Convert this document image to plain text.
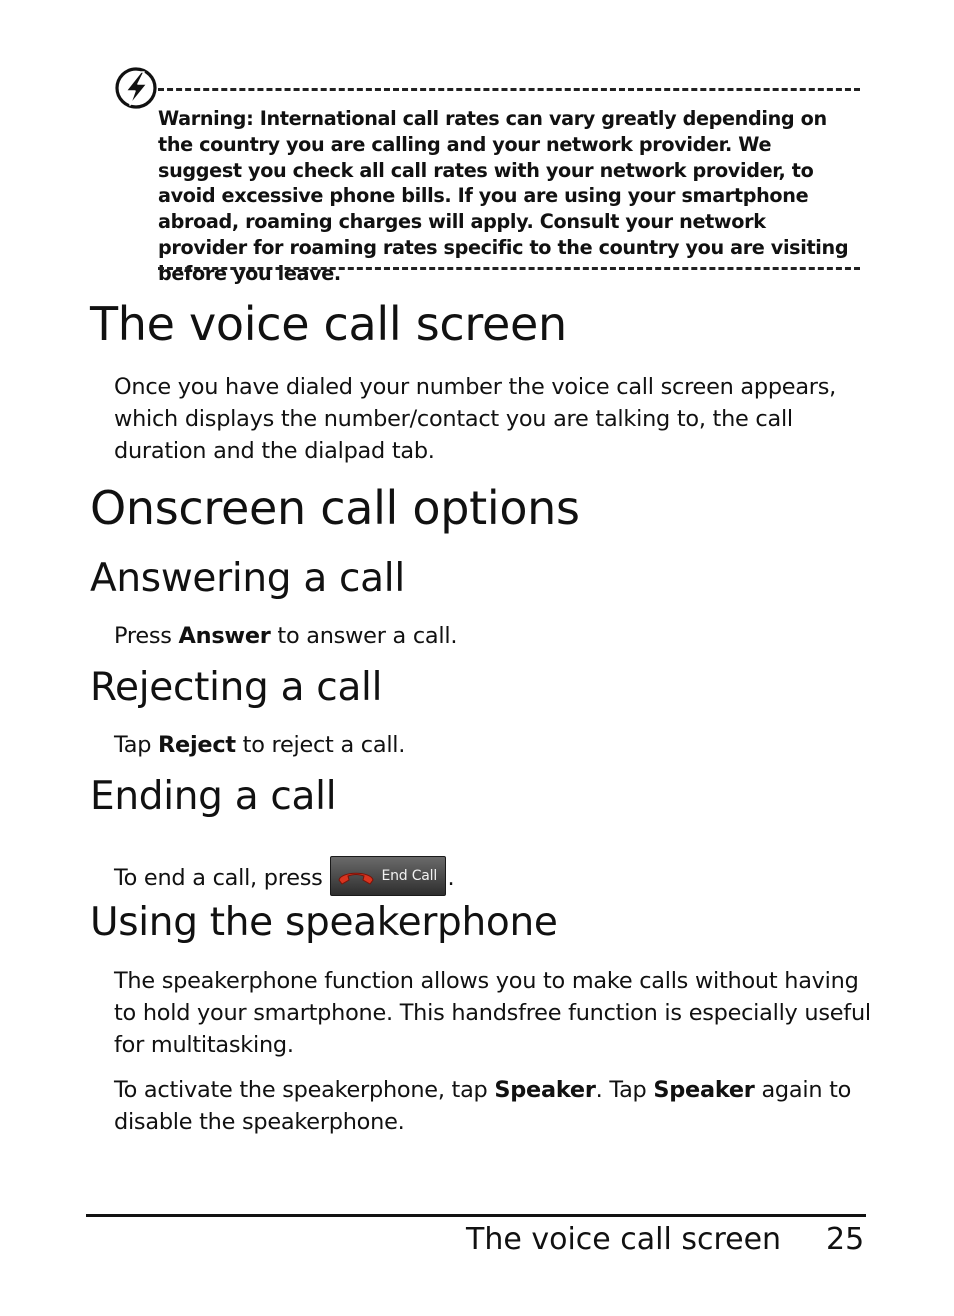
Warning: International call rates can vary greatly depending on the country you are calling and your network provider. We suggest you check all call rates with your network provider, to avoid excessive phone bills. If you are using your smartphone abroad, roaming charges will apply. Consult your network provider for roaming rates specific to the country you are visiting before you leave.
The voice call screen

Once you have dialed your number the voice call screen appears, which displays the number/contact you are talking to, the call duration and the dialpad tab.

Onscreen call options
Answering a call

Press Answer to answer a call.

Rejecting a call

Tap Reject to reject a call.

Ending a call

To end a call, press	End Call .

Using the speakerphone

The speakerphone function allows you to make calls without having to hold your smartphone. This handsfree function is especially useful for multitasking.

To activate the speakerphone, tap Speaker. Tap Speaker again to disable the speakerphone.

The voice call screen 25
